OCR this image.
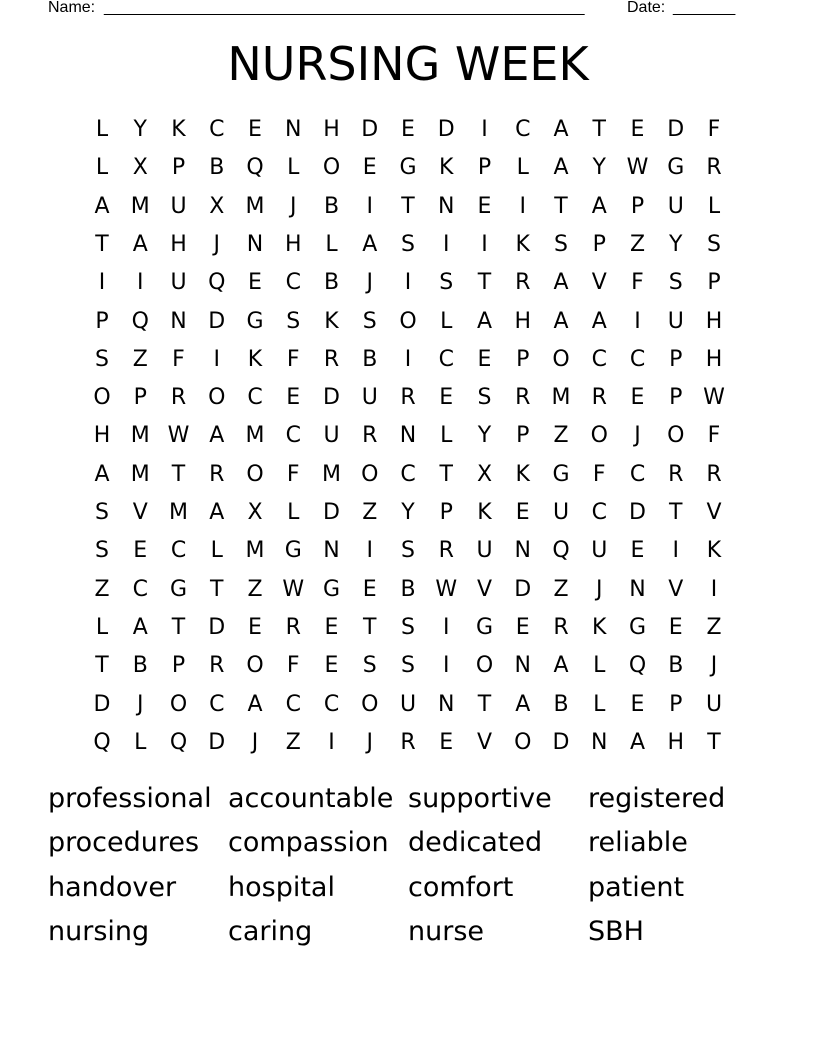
Name: ______________________________________________________	Date: _______
NURSING WEEK
L	Y	K	C	E	N H D	E	D	I	C	A	T	E	D	F
L	X	P	B	Q	L	O	E	G	K	P	L	A	Y W G	R
A M U	X M	J	B	I	T	N	E	I	T	A	P	U	L
T	A	H	J	N H	L	A	S	I	I	K	S	P	Z	Y	S
I	I	U Q	E	C	B	J	I	S	T	R	A	V	F	S	P
P	Q N D G	S	K	S	O	L	A	H	A	A	I	U H
S	Z	F	I	K	F	R	B	I	C	E	P	O C	C	P	H
O	P	R O C	E	D U	R	E	S	R M R	E	P W
H M W A M C	U	R	N	L	Y	P	Z	O	J	O	F
A M	T	R O	F	M O C	T	X	K	G	F	C	R	R
S	V M A	X	L	D	Z	Y	P	K	E	U	C	D	T	V
S	E	C	L	M G N	I	S	R	U N Q U	E	I	K
Z	C	G	T	Z W G	E	B W V	D	Z	J	N	V	I
L	A	T	D	E	R	E	T	S	I	G	E	R	K	G	E	Z
T	B	P	R O	F	E	S	S	I	O N	A	L	Q	B	J
D	J	O C	A	C	C O U N	T	A	B	L	E	P	U
Q	L	Q D	J	Z	I	J	R	E	V	O D N	A	H	T
professional accountable supportive registered
procedures compassion dedicated reliable
handover hospital	comfort	patient
nursing	caring	nurse	SBH
